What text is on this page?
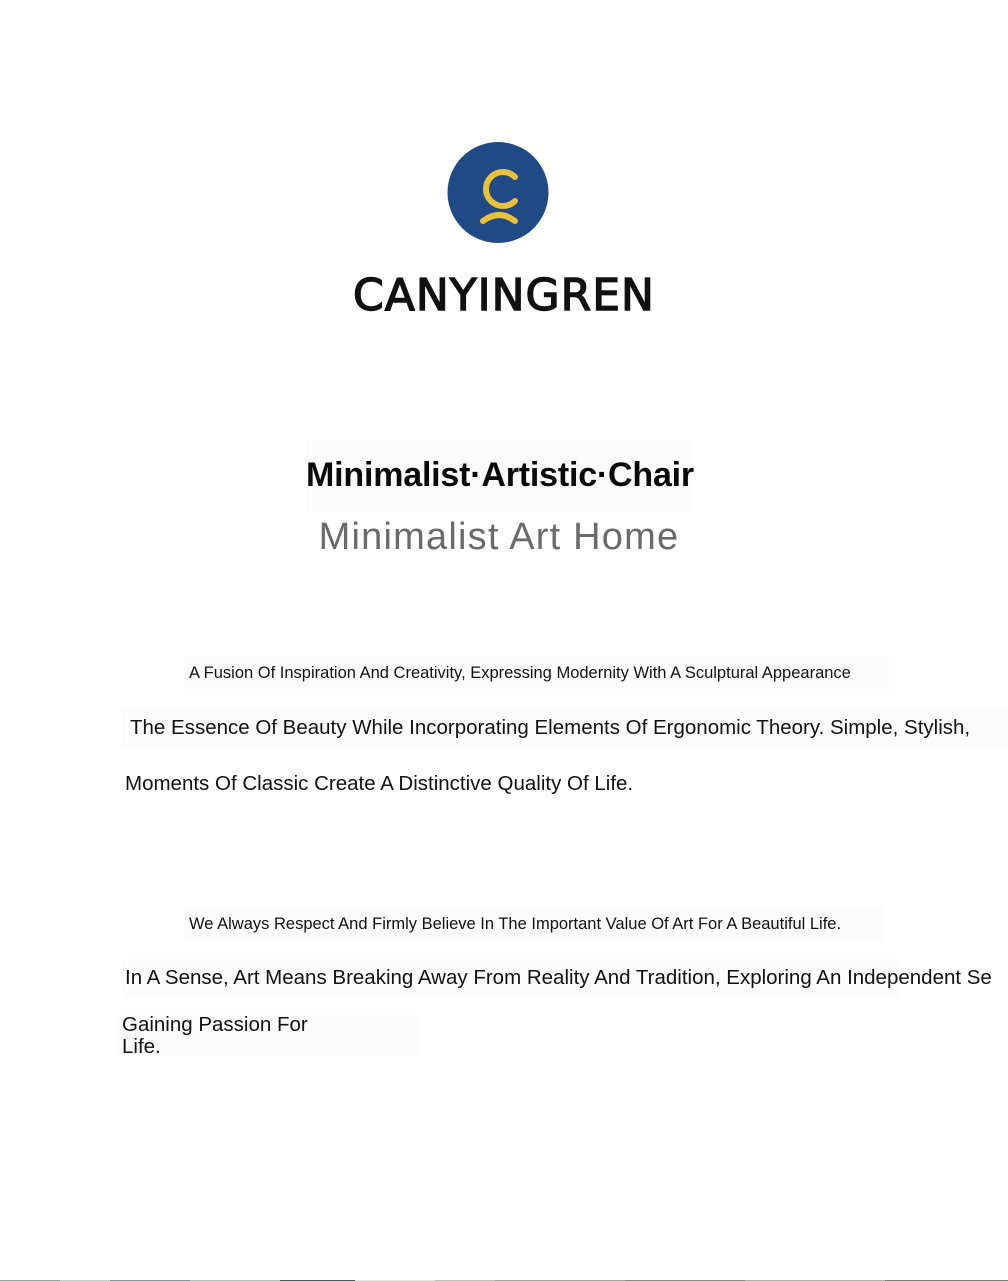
CANYINGREN
Minimalist·Artistic·Chair
Minimalist Art Home
A Fusion Of Inspiration And Creativity, Expressing Modernity With A Sculptural Appearance
The Essence Of Beauty While Incorporating Elements Of Ergonomic Theory. Simple, Stylish,
Moments Of Classic Create A Distinctive Quality Of Life.
We Always Respect And Firmly Believe In The Important Value Of Art For A Beautiful Life.
In A Sense, Art Means Breaking Away From Reality And Tradition, Exploring An Independent Se
Gaining Passion For
Life.
